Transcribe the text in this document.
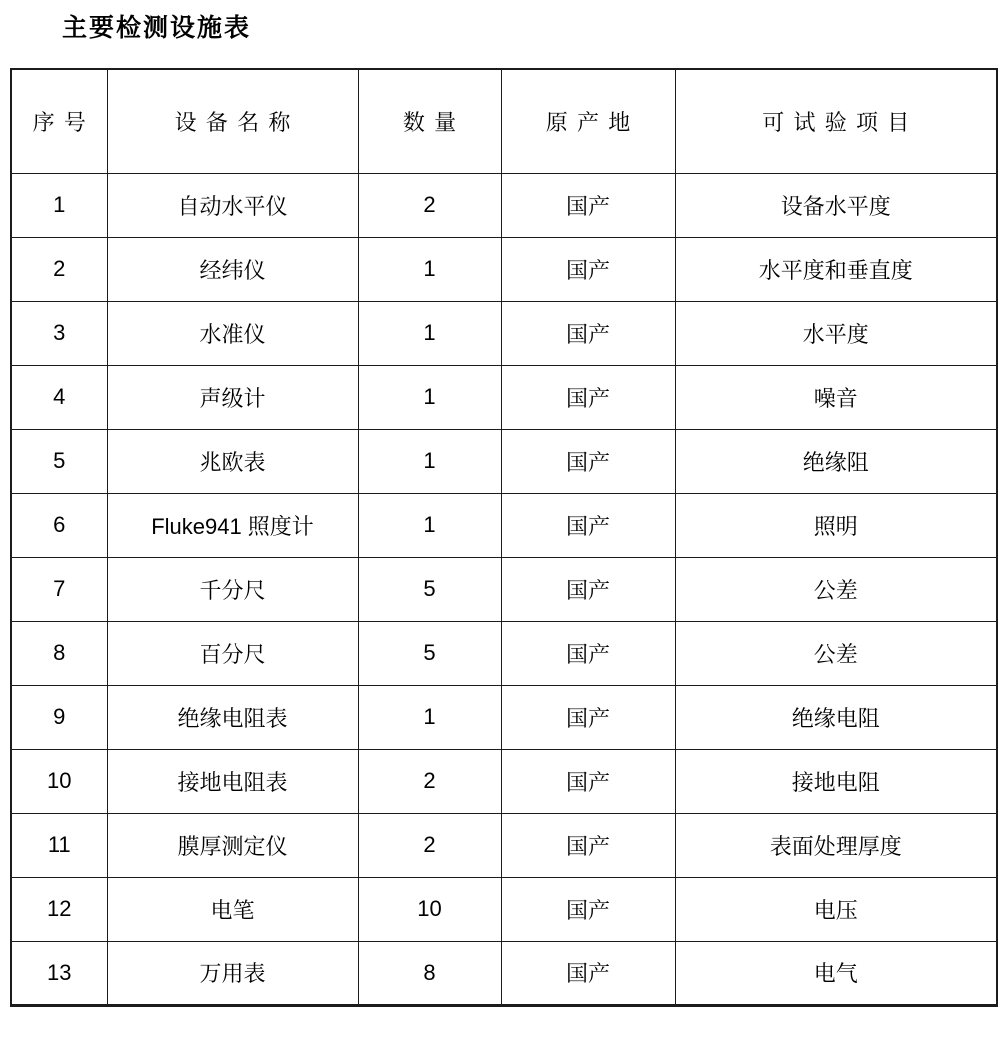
主要检测设施表
序号	设备名称	数量	原产地	可试验项目
1	自动水平仪	2	国产	设备水平度
2	经纬仪	1	国产	水平度和垂直度
3	水准仪	1	国产	水平度
4	声级计	1	国产	噪音
5	兆欧表	1	国产	绝缘阻
6	Fluke941 照度计	1	国产	照明
7	千分尺	5	国产	公差
8	百分尺	5	国产	公差
9	绝缘电阻表	1	国产	绝缘电阻
10	接地电阻表	2	国产	接地电阻
11	膜厚测定仪	2	国产	表面处理厚度
12	电笔	10	国产	电压
13	万用表	8	国产	电气
